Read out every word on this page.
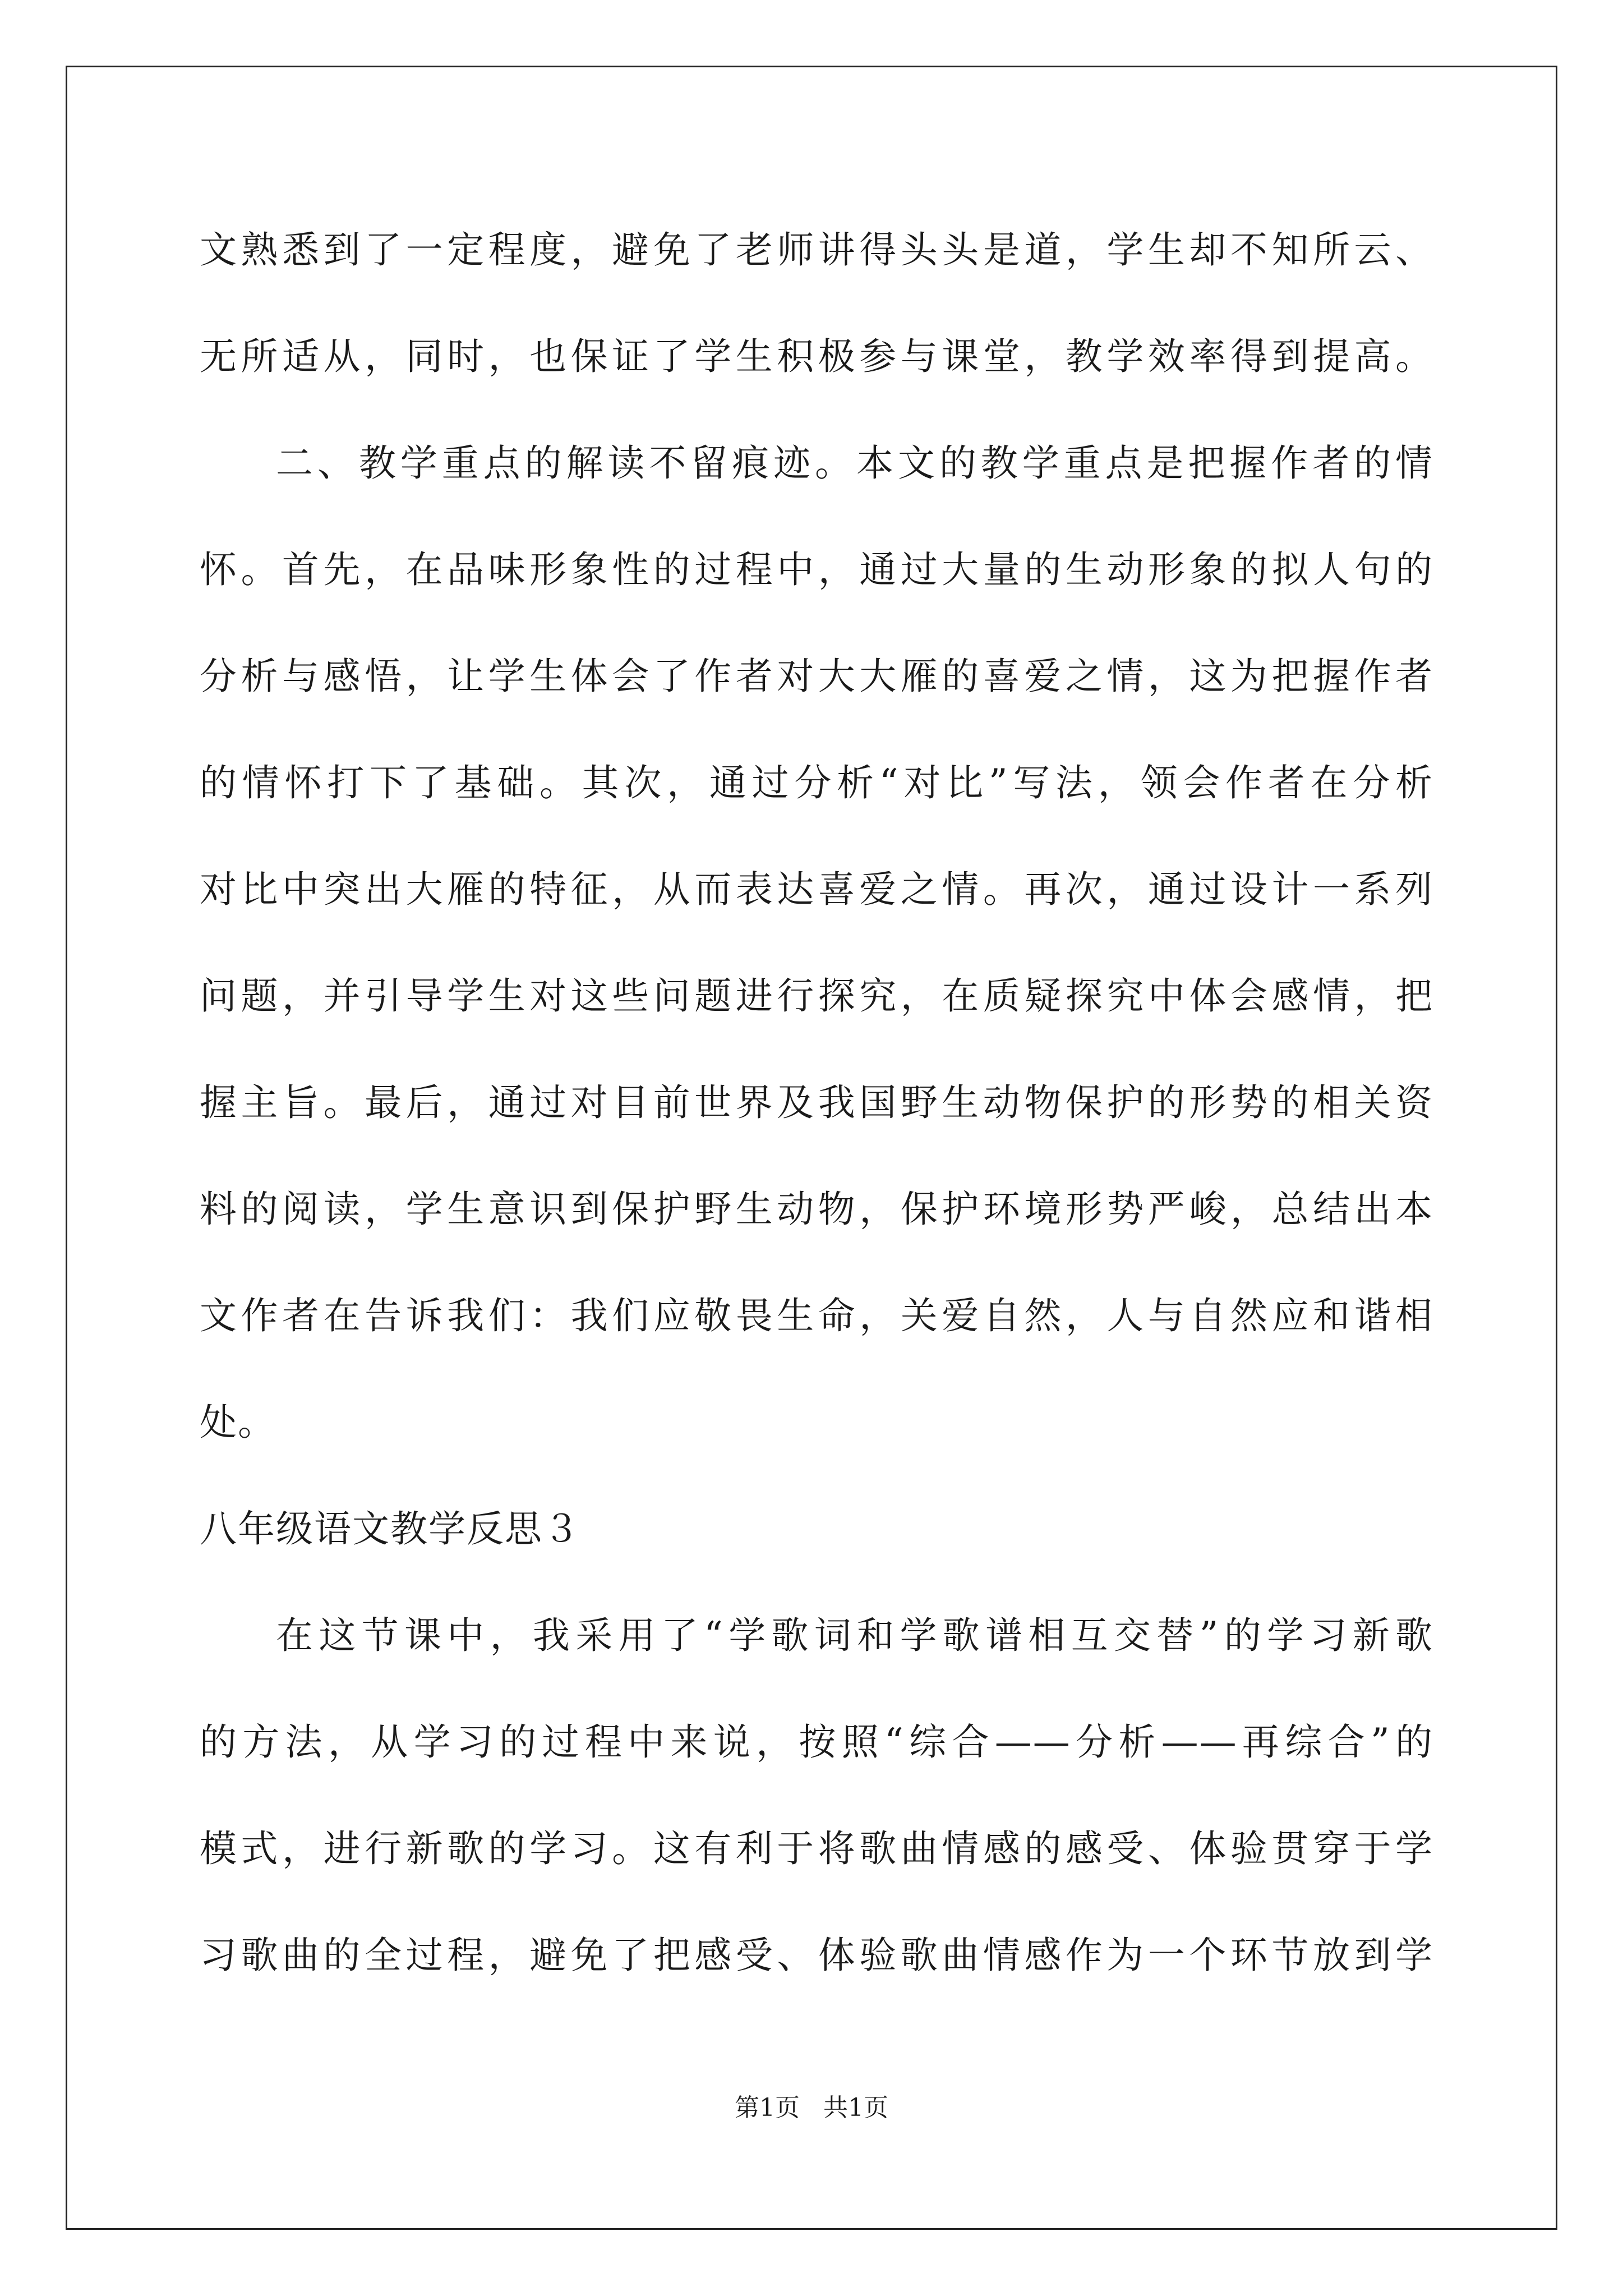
文熟悉到了一定程度，避免了老师讲得头头是道，学生却不知所云、
无所适从，同时，也保证了学生积极参与课堂，教学效率得到提高。
二、教学重点的解读不留痕迹。本文的教学重点是把握作者的情
怀。首先，在品味形象性的过程中，通过大量的生动形象的拟人句的
分析与感悟，让学生体会了作者对大大雁的喜爱之情，这为把握作者
的情怀打下了基础。其次，通过分析“对比”写法，领会作者在分析
对比中突出大雁的特征，从而表达喜爱之情。再次，通过设计一系列
问题，并引导学生对这些问题进行探究，在质疑探究中体会感情，把
握主旨。最后，通过对目前世界及我国野生动物保护的形势的相关资
料的阅读，学生意识到保护野生动物，保护环境形势严峻，总结出本
文作者在告诉我们：我们应敬畏生命，关爱自然，人与自然应和谐相
处。
八年级语文教学反思３
在这节课中，我采用了“学歌词和学歌谱相互交替”的学习新歌
的方法，从学习的过程中来说，按照“综合——分析——再综合”的
模式，进行新歌的学习。这有利于将歌曲情感的感受、体验贯穿于学
习歌曲的全过程，避免了把感受、体验歌曲情感作为一个环节放到学
第1页 共1页
